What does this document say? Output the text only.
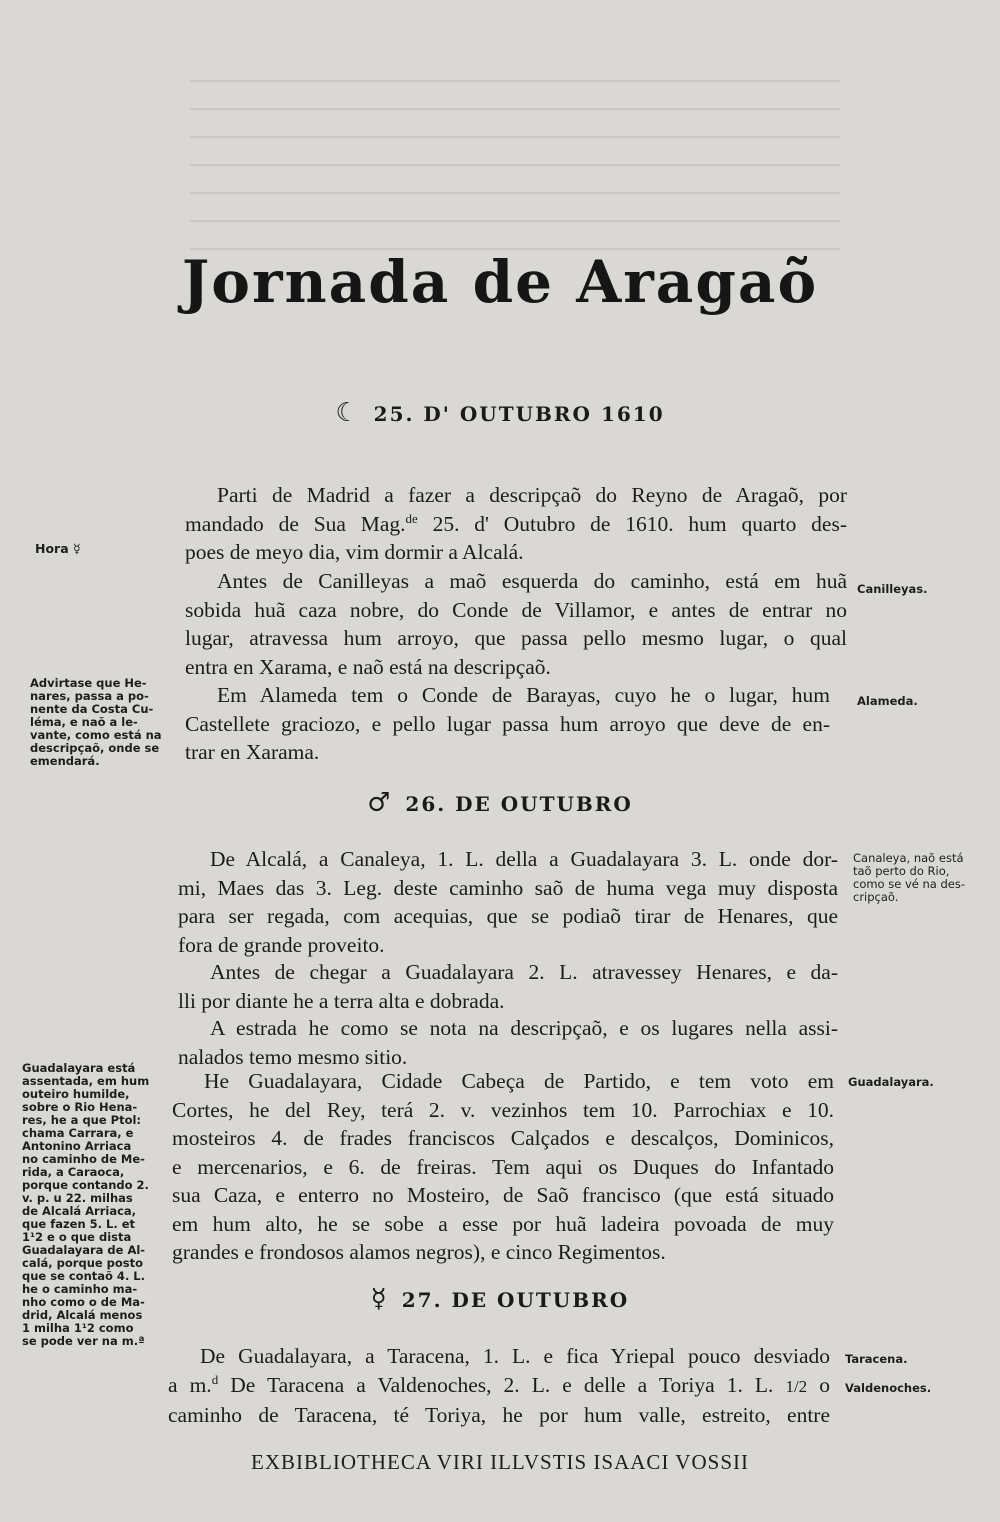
Jornada de Aragaõ
☾ 25. D' OUTUBRO 1610
Parti de Madrid a fazer a descripçaõ do Reyno de Aragaõ, por
mandado de Sua Mag.$^{de}$ 25. d' Outubro de 1610. hum quarto des-
poes de meyo dia, vim dormir a Alcalá.
Antes de Canilleyas a maõ esquerda do caminho, está em huã
sobida huã caza nobre, do Conde de Villamor, e antes de entrar no
lugar, atravessa hum arroyo, que passa pello mesmo lugar, o qual
entra en Xarama, e naõ está na descripçaõ.
Em Alameda tem o Conde de Barayas, cuyo he o lugar, hum
Castellete graciozo, e pello lugar passa hum arroyo que deve de en-
trar en Xarama.
♂ 26. DE OUTUBRO
De Alcalá, a Canaleya, 1. L. della a Guadalayara 3. L. onde dor-
mi, Maes das 3. Leg. deste caminho saõ de huma vega muy disposta
para ser regada, com acequias, que se podiaõ tirar de Henares, que
fora de grande proveito.
Antes de chegar a Guadalayara 2. L. atravessey Henares, e da-
lli por diante he a terra alta e dobrada.
A estrada he como se nota na descripçaõ, e os lugares nella assi-
nalados temo mesmo sitio.
He Guadalayara, Cidade Cabeça de Partido, e tem voto em
Cortes, he del Rey, terá 2. v. vezinhos tem 10. Parrochiax e 10.
mosteiros 4. de frades franciscos Calçados e descalços, Dominicos,
e mercenarios, e 6. de freiras. Tem aqui os Duques do Infantado
sua Caza, e enterro no Mosteiro, de Saõ francisco (que está situado
em hum alto, he se sobe a esse por huã ladeira povoada de muy
grandes e frondosos alamos negros), e cinco Regimentos.
☿ 27. DE OUTUBRO
De Guadalayara, a Taracena, 1. L. e fica Yriepal pouco desviado
a m.$^d$ De Taracena a Valdenoches, 2. L. e delle a Toriya 1. L. 1/2 o
caminho de Taracena, té Toriya, he por hum valle, estreito, entre
Hora ☿
Advirtase que He-
nares, passa a po-
nente da Costa Cu-
léma, e naõ a le-
vante, como está na
descripçaõ, onde se
emendará.
Guadalayara está
assentada, em hum
outeiro humilde,
sobre o Rio Hena-
res, he a que Ptol:
chama Carrara, e
Antonino Arriaca
no caminho de Me-
rida, a Caraoca,
porque contando 2.
v. p. u 22. milhas
de Alcalá Arriaca,
que fazen 5. L. et
1¹2 e o que dista
Guadalayara de Al-
calá, porque posto
que se contaõ 4. L.
he o caminho ma-
nho como o de Ma-
drid, Alcalá menos
1 milha 1¹2 como
se pode ver na m.ª
Canilleyas.
Alameda.
Canaleya, naõ está
taõ perto do Rio,
como se vé na des-
cripçaõ.
Guadalayara.
Taracena.
Valdenoches.
EXBIBLIOTHECA VIRI ILLVSTIS ISAACI VOSSII
